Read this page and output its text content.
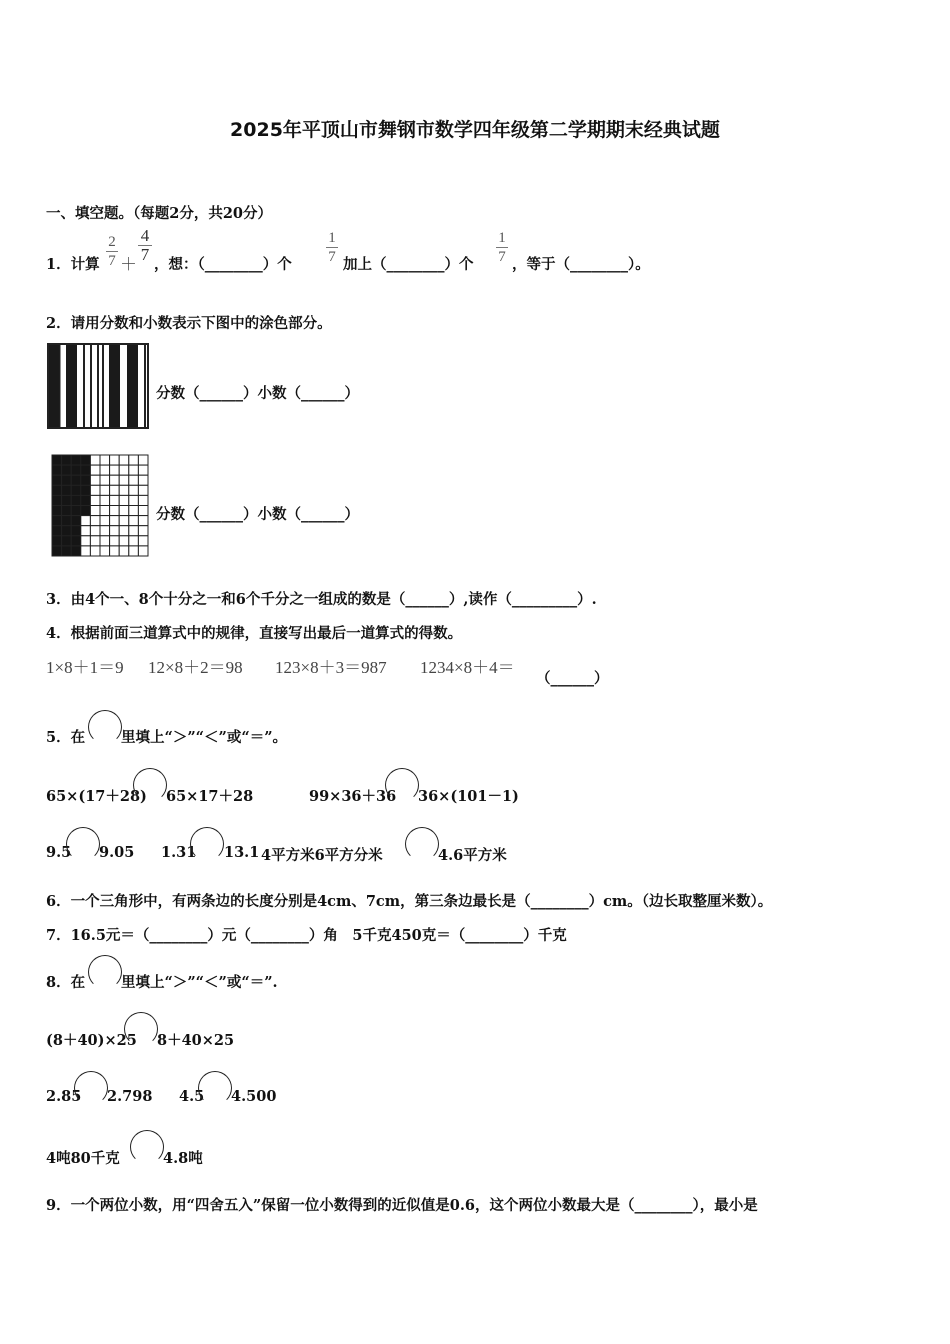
2025年平顶山市舞钢市数学四年级第二学期期末经典试题
一、填空题。（每题2分，共20分）
1．计算
2
7 ＋
4
7
，想：（________）个
1
7 加上（________）个
1
7 ，等于（________）。
2．请用分数和小数表示下图中的涂色部分。
分数（______）小数（______）
分数（______）小数（______）
3．由4个一、8个十分之一和6个千分之一组成的数是（______）,读作（_________）.
4．根据前面三道算式中的规律，直接写出最后一道算式的得数。
1×8＋1＝9 12×8＋2＝98 123×8＋3＝987 1234×8＋4＝
（______）
5．在 里填上“＞”“＜”或“＝”。
65×(17＋28) 65×17＋28	99×36＋36 36×(101－1)
9.5 9.05 1.31 13.1 4平方米6平方分米	4.6平方米
6．一个三角形中，有两条边的长度分别是4cm、7cm，第三条边最长是（________）cm。（边长取整厘米数）。
7．16.5元＝（________）元（________）角　5千克450克＝（________）千克
8．在 里填上“＞”“＜”或“＝”.
(8＋40)×25 8＋40×25
2.85 2.798 4.5 4.500
4吨80千克	4.8吨
9．一个两位小数，用“四舍五入”保留一位小数得到的近似值是0.6，这个两位小数最大是（________），最小是
